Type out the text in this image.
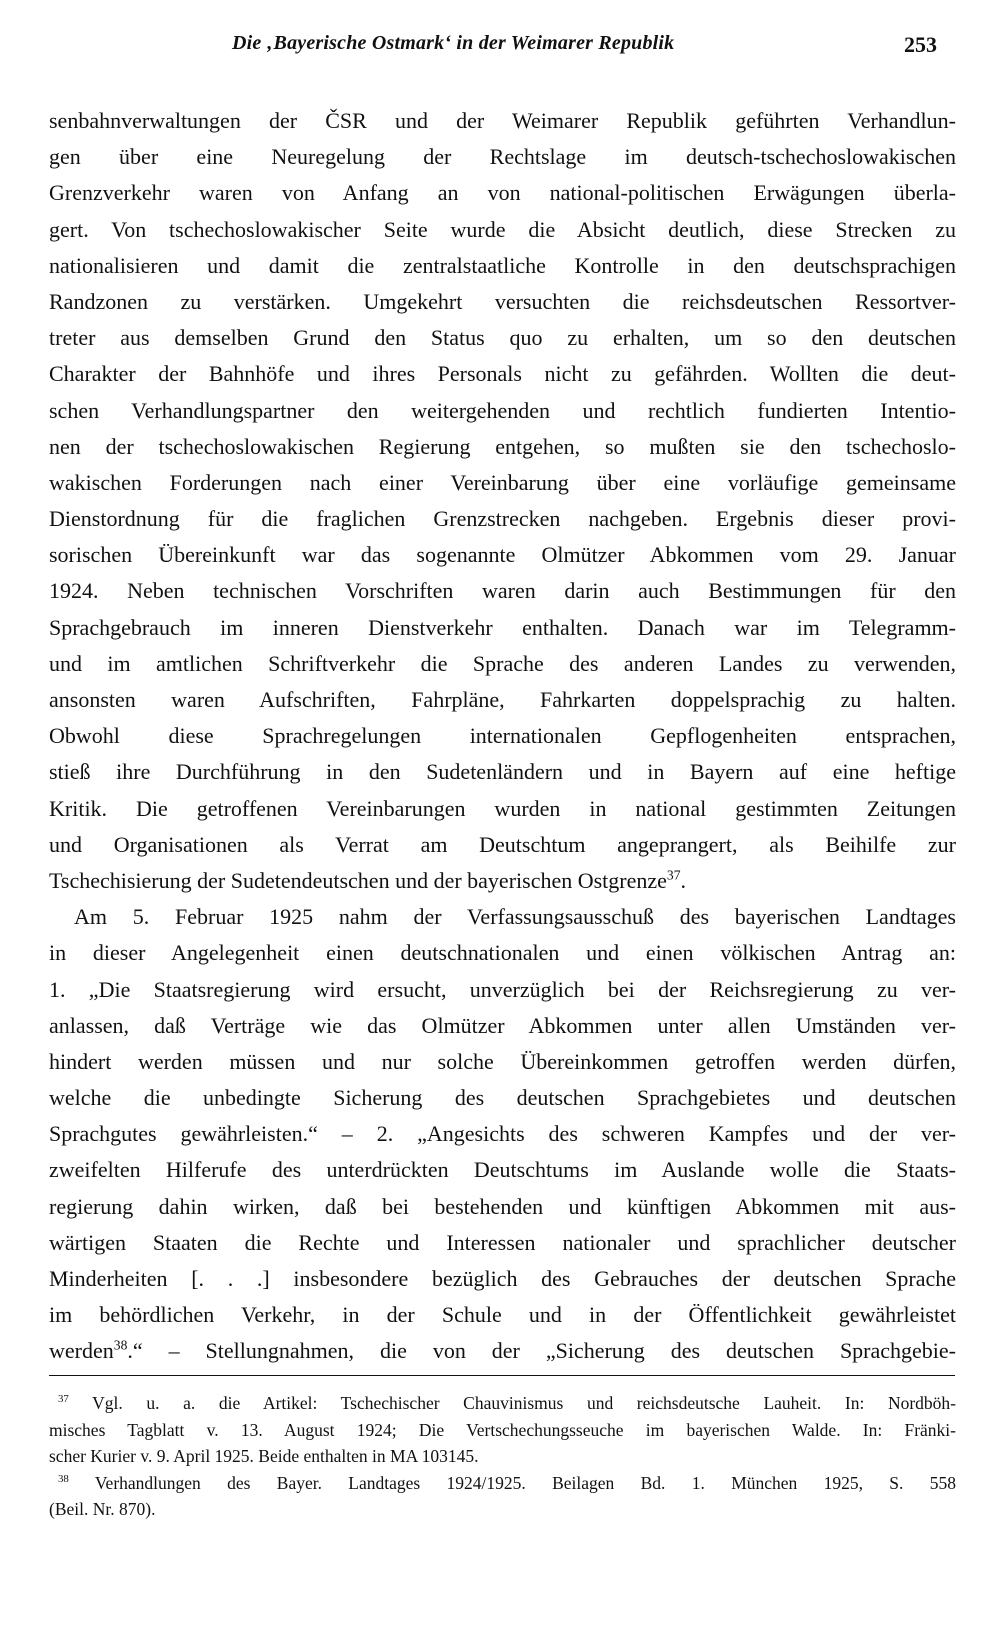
Die ‚Bayerische Ostmark‘ in der Weimarer Republik	253
senbahnverwaltungen der ČSR und der Weimarer Republik geführten Verhandlun-
gen über eine Neuregelung der Rechtslage im deutsch-tschechoslowakischen
Grenzverkehr waren von Anfang an von national-politischen Erwägungen überla-
gert. Von tschechoslowakischer Seite wurde die Absicht deutlich, diese Strecken zu
nationalisieren und damit die zentralstaatliche Kontrolle in den deutschsprachigen
Randzonen zu verstärken. Umgekehrt versuchten die reichsdeutschen Ressortver-
treter aus demselben Grund den Status quo zu erhalten, um so den deutschen
Charakter der Bahnhöfe und ihres Personals nicht zu gefährden. Wollten die deut-
schen Verhandlungspartner den weitergehenden und rechtlich fundierten Intentio-
nen der tschechoslowakischen Regierung entgehen, so mußten sie den tschechoslo-
wakischen Forderungen nach einer Vereinbarung über eine vorläufige gemeinsame
Dienstordnung für die fraglichen Grenzstrecken nachgeben. Ergebnis dieser provi-
sorischen Übereinkunft war das sogenannte Olmützer Abkommen vom 29. Januar
1924. Neben technischen Vorschriften waren darin auch Bestimmungen für den
Sprachgebrauch im inneren Dienstverkehr enthalten. Danach war im Telegramm-
und im amtlichen Schriftverkehr die Sprache des anderen Landes zu verwenden,
ansonsten waren Aufschriften, Fahrpläne, Fahrkarten doppelsprachig zu halten.
Obwohl diese Sprachregelungen internationalen Gepflogenheiten entsprachen,
stieß ihre Durchführung in den Sudetenländern und in Bayern auf eine heftige
Kritik. Die getroffenen Vereinbarungen wurden in national gestimmten Zeitungen
und Organisationen als Verrat am Deutschtum angeprangert, als Beihilfe zur
Tschechisierung der Sudetendeutschen und der bayerischen Ostgrenze$^{37}$.
Am 5. Februar 1925 nahm der Verfassungsausschuß des bayerischen Landtages
in dieser Angelegenheit einen deutschnationalen und einen völkischen Antrag an:
1. „Die Staatsregierung wird ersucht, unverzüglich bei der Reichsregierung zu ver-
anlassen, daß Verträge wie das Olmützer Abkommen unter allen Umständen ver-
hindert werden müssen und nur solche Übereinkommen getroffen werden dürfen,
welche die unbedingte Sicherung des deutschen Sprachgebietes und deutschen
Sprachgutes gewährleisten.“ – 2. „Angesichts des schweren Kampfes und der ver-
zweifelten Hilferufe des unterdrückten Deutschtums im Auslande wolle die Staats-
regierung dahin wirken, daß bei bestehenden und künftigen Abkommen mit aus-
wärtigen Staaten die Rechte und Interessen nationaler und sprachlicher deutscher
Minderheiten [. . .] insbesondere bezüglich des Gebrauches der deutschen Sprache
im behördlichen Verkehr, in der Schule und in der Öffentlichkeit gewährleistet
werden$^{38}$.“ – Stellungnahmen, die von der „Sicherung des deutschen Sprachgebie-
$^{37}$ Vgl. u. a. die Artikel: Tschechischer Chauvinismus und reichsdeutsche Lauheit. In: Nordböh-
misches Tagblatt v. 13. August 1924; Die Vertschechungsseuche im bayerischen Walde. In: Fränki-
scher Kurier v. 9. April 1925. Beide enthalten in MA 103145.
$^{38}$ Verhandlungen des Bayer. Landtages 1924/1925. Beilagen Bd. 1. München 1925, S. 558
(Beil. Nr. 870).
